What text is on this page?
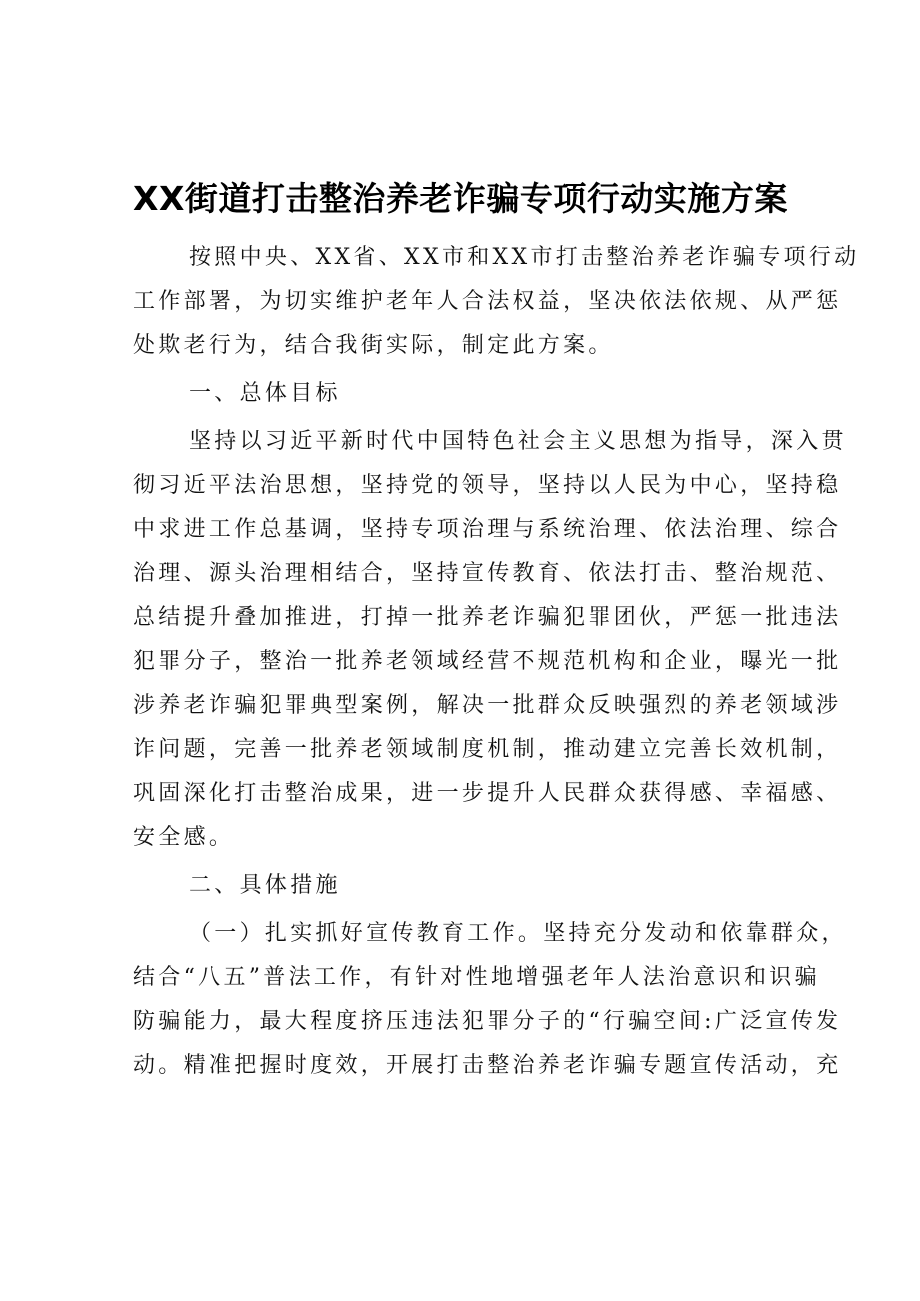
XX街道打击整治养老诈骗专项行动实施方案
按照中央、XX省、XX市和XX市打击整治养老诈骗专项行动
工作部署，为切实维护老年人合法权益，坚决依法依规、从严惩
处欺老行为，结合我街实际，制定此方案。
一、总体目标
坚持以习近平新时代中国特色社会主义思想为指导，深入贯
彻习近平法治思想，坚持党的领导，坚持以人民为中心，坚持稳
中求进工作总基调，坚持专项治理与系统治理、依法治理、综合
治理、源头治理相结合，坚持宣传教育、依法打击、整治规范、
总结提升叠加推进，打掉一批养老诈骗犯罪团伙，严惩一批违法
犯罪分子，整治一批养老领域经营不规范机构和企业，曝光一批
涉养老诈骗犯罪典型案例，解决一批群众反映强烈的养老领域涉
诈问题，完善一批养老领域制度机制，推动建立完善长效机制，
巩固深化打击整治成果，进一步提升人民群众获得感、幸福感、
安全感。
二、具体措施
（一）扎实抓好宣传教育工作。坚持充分发动和依靠群众，
结合“八五”普法工作，有针对性地增强老年人法治意识和识骗
防骗能力，最大程度挤压违法犯罪分子的“行骗空间:广泛宣传发
动。精准把握时度效，开展打击整治养老诈骗专题宣传活动，充
